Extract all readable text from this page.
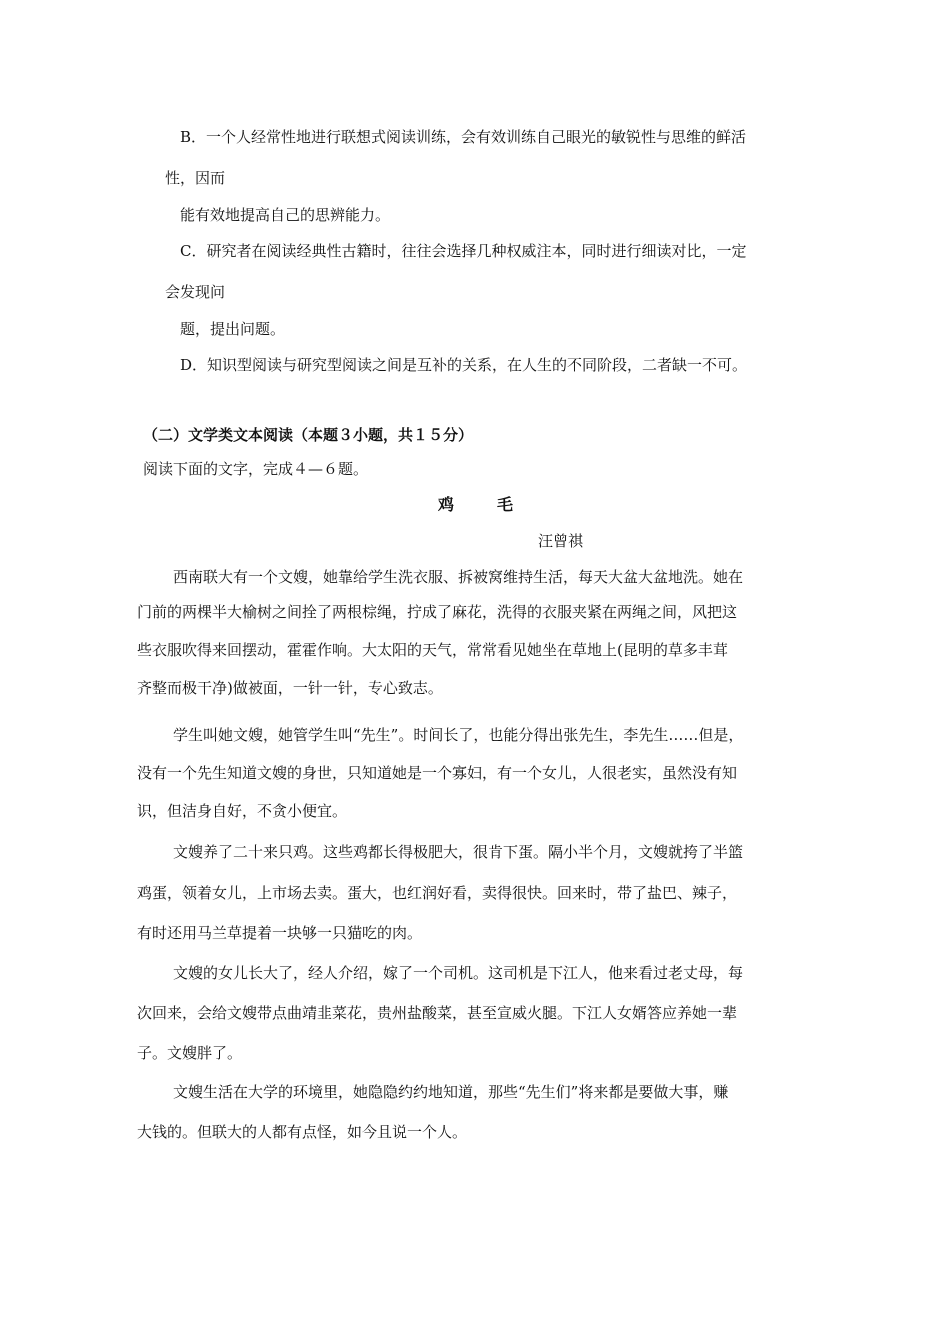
B．一个人经常性地进行联想式阅读训练，会有效训练自己眼光的敏锐性与思维的鲜活
性，因而
能有效地提高自己的思辨能力。
C．研究者在阅读经典性古籍时，往往会选择几种权威注本，同时进行细读对比，一定
会发现问
题，提出问题。
D．知识型阅读与研究型阅读之间是互补的关系，在人生的不同阶段，二者缺一不可。
（二）文学类文本阅读（本题３小题，共１５分）
阅读下面的文字，完成４—６题。
鸡	毛
汪曾祺
西南联大有一个文嫂，她靠给学生洗衣服、拆被窝维持生活，每天大盆大盆地洗。她在
门前的两棵半大榆树之间拴了两根棕绳，拧成了麻花，洗得的衣服夹紧在两绳之间，风把这
些衣服吹得来回摆动，霍霍作响。大太阳的天气，常常看见她坐在草地上(昆明的草多丰茸
齐整而极干净)做被面，一针一针，专心致志。
学生叫她文嫂，她管学生叫“先生”。时间长了，也能分得出张先生，李先生……但是，
没有一个先生知道文嫂的身世，只知道她是一个寡妇，有一个女儿，人很老实，虽然没有知
识，但洁身自好，不贪小便宜。
文嫂养了二十来只鸡。这些鸡都长得极肥大，很肯下蛋。隔小半个月，文嫂就挎了半篮
鸡蛋，领着女儿，上市场去卖。蛋大，也红润好看，卖得很快。回来时，带了盐巴、辣子，
有时还用马兰草提着一块够一只猫吃的肉。
文嫂的女儿长大了，经人介绍，嫁了一个司机。这司机是下江人，他来看过老丈母，每
次回来，会给文嫂带点曲靖韭菜花，贵州盐酸菜，甚至宣威火腿。下江人女婿答应养她一辈
子。文嫂胖了。
文嫂生活在大学的环境里，她隐隐约约地知道，那些“先生们”将来都是要做大事，赚
大钱的。但联大的人都有点怪，如今且说一个人。
